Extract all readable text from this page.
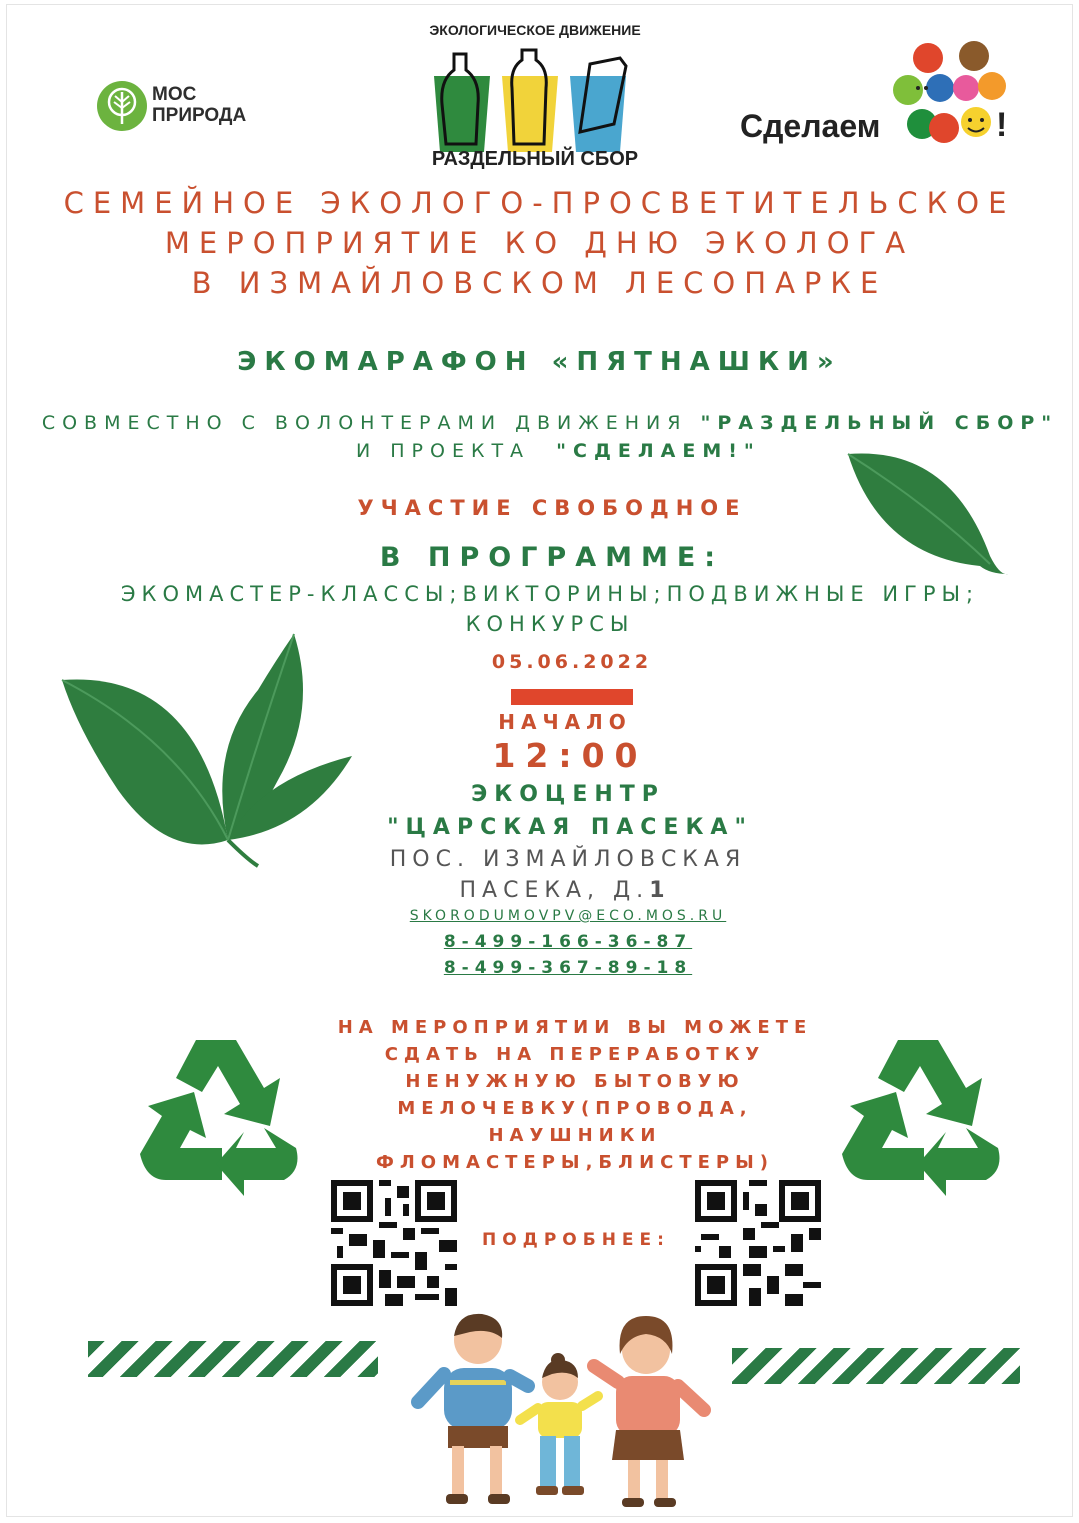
МОС
ПРИРОДА
ЭКОЛОГИЧЕСКОЕ ДВИЖЕНИЕ
РАЗДЕЛЬНЫЙ СБОР
Сделаем	!
СЕМЕЙНОЕ ЭКОЛОГО-ПРОСВЕТИТЕЛЬСКОЕ
МЕРОПРИЯТИЕ КО ДНЮ ЭКОЛОГА
В ИЗМАЙЛОВСКОМ ЛЕСОПАРКЕ
ЭКОМАРАФОН «ПЯТНАШКИ»
СОВМЕСТНО С ВОЛОНТЕРАМИ ДВИЖЕНИЯ "РАЗДЕЛЬНЫЙ СБОР"
И ПРОЕКТА  "СДЕЛАЕМ!"
УЧАСТИЕ СВОБОДНОЕ
В ПРОГРАММЕ:
ЭКОМАСТЕР-КЛАССЫ;ВИКТОРИНЫ;ПОДВИЖНЫЕ ИГРЫ;
КОНКУРСЫ
05.06.2022
НАЧАЛО
12:00
ЭКОЦЕНТР
"ЦАРСКАЯ ПАСЕКА"
ПОС. ИЗМАЙЛОВСКАЯ
ПАСЕКА, Д.1
SKORODUMOVPV@ECO.MOS.RU
8-499-166-36-87
8-499-367-89-18
НА МЕРОПРИЯТИИ ВЫ МОЖЕТЕ
СДАТЬ НА ПЕРЕРАБОТКУ
НЕНУЖНУЮ БЫТОВУЮ
МЕЛОЧЕВКУ(ПРОВОДА,
НАУШНИКИ
ФЛОМАСТЕРЫ,БЛИСТЕРЫ)
ПОДРОБНЕЕ:
